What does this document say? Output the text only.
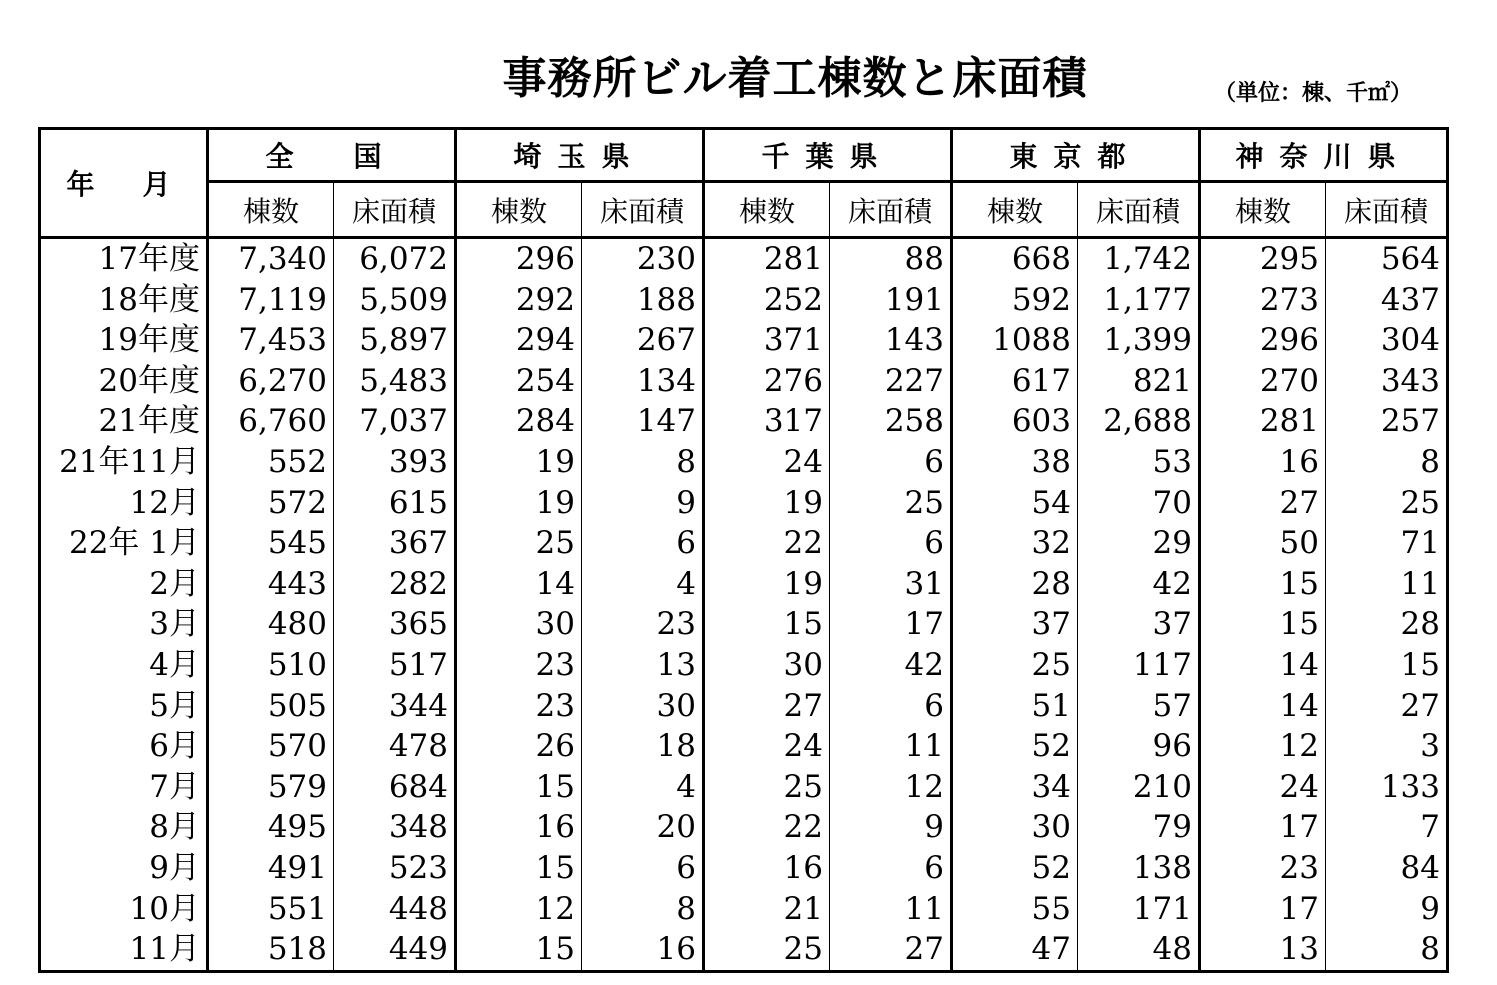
事務所ビル着工棟数と床面積	（単位：棟、千㎡）
年　月	全　国		埼玉県		千葉県		東京都		神奈川県	
	棟数	床面積	棟数	床面積	棟数	床面積	棟数	床面積	棟数	床面積
17年度	7,340	6,072	296	230	281	88	668	1,742	295	564
18年度	7,119	5,509	292	188	252	191	592	1,177	273	437
19年度	7,453	5,897	294	267	371	143	1088	1,399	296	304
20年度	6,270	5,483	254	134	276	227	617	821	270	343
21年度	6,760	7,037	284	147	317	258	603	2,688	281	257
21年11月	552	393	19	8	24	6	38	53	16	8
12月	572	615	19	9	19	25	54	70	27	25
22年 1月	545	367	25	6	22	6	32	29	50	71
2月	443	282	14	4	19	31	28	42	15	11
3月	480	365	30	23	15	17	37	37	15	28
4月	510	517	23	13	30	42	25	117	14	15
5月	505	344	23	30	27	6	51	57	14	27
6月	570	478	26	18	24	11	52	96	12	3
7月	579	684	15	4	25	12	34	210	24	133
8月	495	348	16	20	22	9	30	79	17	7
9月	491	523	15	6	16	6	52	138	23	84
10月	551	448	12	8	21	11	55	171	17	9
11月	518	449	15	16	25	27	47	48	13	8
